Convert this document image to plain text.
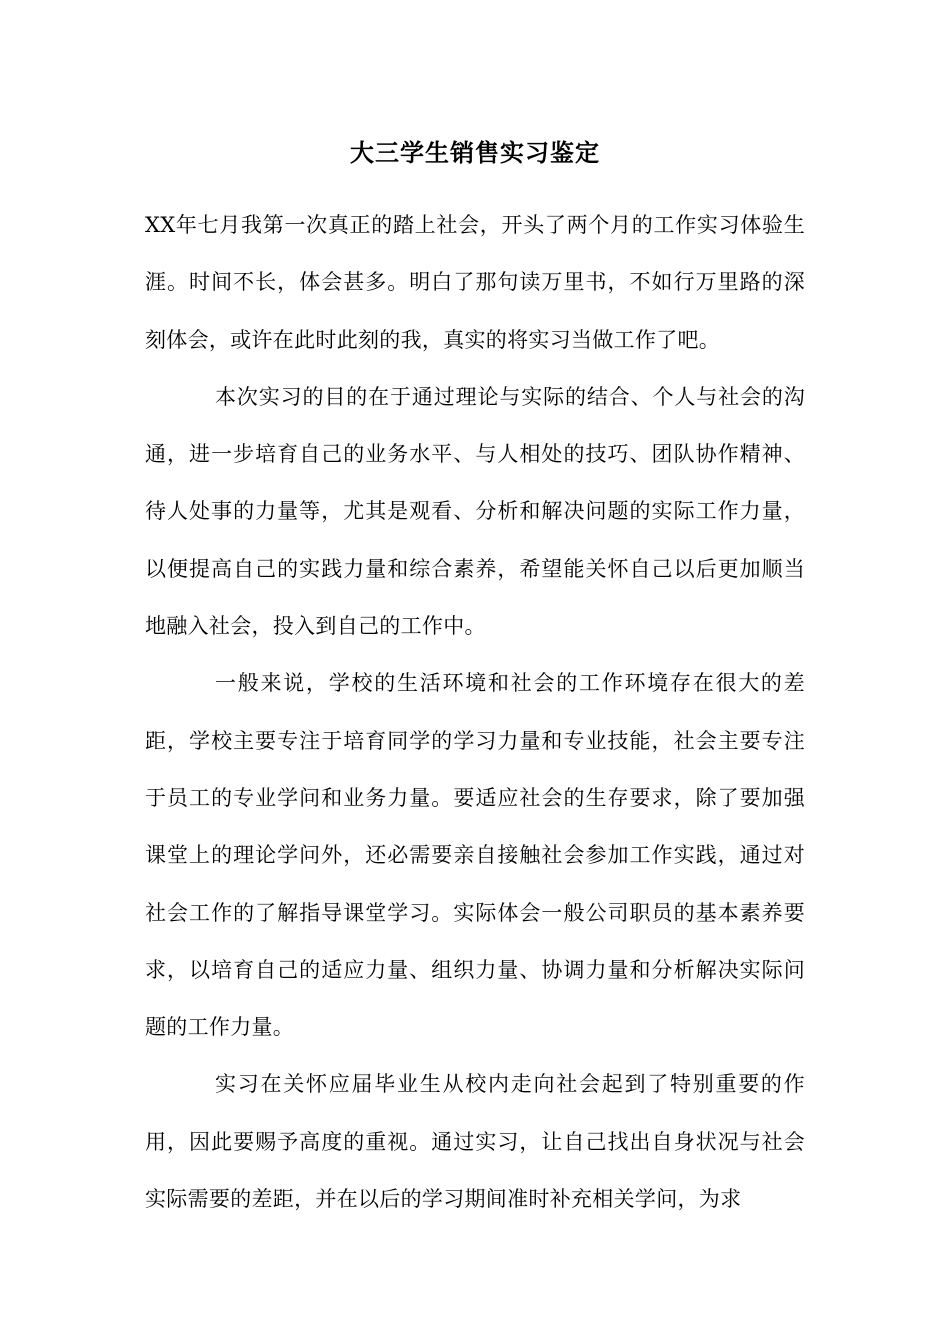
大三学生销售实习鉴定

XX年七月我第一次真正的踏上社会，开头了两个月的工作实习体验生涯。时间不长，体会甚多。明白了那句读万里书，不如行万里路的深刻体会，或许在此时此刻的我，真实的将实习当做工作了吧。

本次实习的目的在于通过理论与实际的结合、个人与社会的沟通，进一步培育自己的业务水平、与人相处的技巧、团队协作精神、待人处事的力量等，尤其是观看、分析和解决问题的实际工作力量，以便提高自己的实践力量和综合素养，希望能关怀自己以后更加顺当地融入社会，投入到自己的工作中。

一般来说，学校的生活环境和社会的工作环境存在很大的差距，学校主要专注于培育同学的学习力量和专业技能，社会主要专注于员工的专业学问和业务力量。要适应社会的生存要求，除了要加强课堂上的理论学问外，还必需要亲自接触社会参加工作实践，通过对社会工作的了解指导课堂学习。实际体会一般公司职员的基本素养要求，以培育自己的适应力量、组织力量、协调力量和分析解决实际问题的工作力量。

实习在关怀应届毕业生从校内走向社会起到了特别重要的作用，因此要赐予高度的重视。通过实习，让自己找出自身状况与社会实际需要的差距，并在以后的学习期间准时补充相关学问，为求
